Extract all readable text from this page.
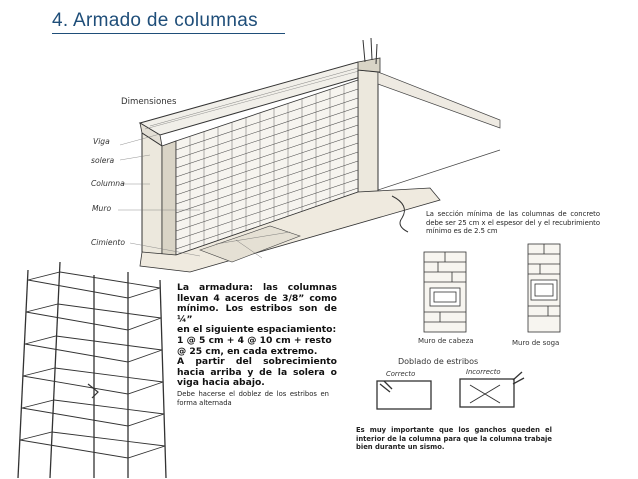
4. Armado de columnas
Dimensiones
Viga
solera
Columna
Muro
Cimiento
La sección mínima de las columnas de concreto debe ser 25 cm x el espesor del y el recubrimiento mínimo es de 2.5 cm
La armadura: las columnas
llevan 4 aceros de 3/8” como
mínimo. Los estribos son de ¼”
en el siguiente espaciamiento:
1 @ 5 cm + 4 @ 10 cm + resto
@ 25 cm, en cada extremo.
A partir del sobrecimiento
hacia arriba y de la solera o
viga hacia abajo.
Debe hacerse el doblez de los estribos en forma alternada
Muro de cabeza	Muro de soga
Doblado de estribos
Correcto	Incorrecto
Es muy importante que los ganchos queden el interior de la columna para que la columna trabaje bien durante un sismo.
